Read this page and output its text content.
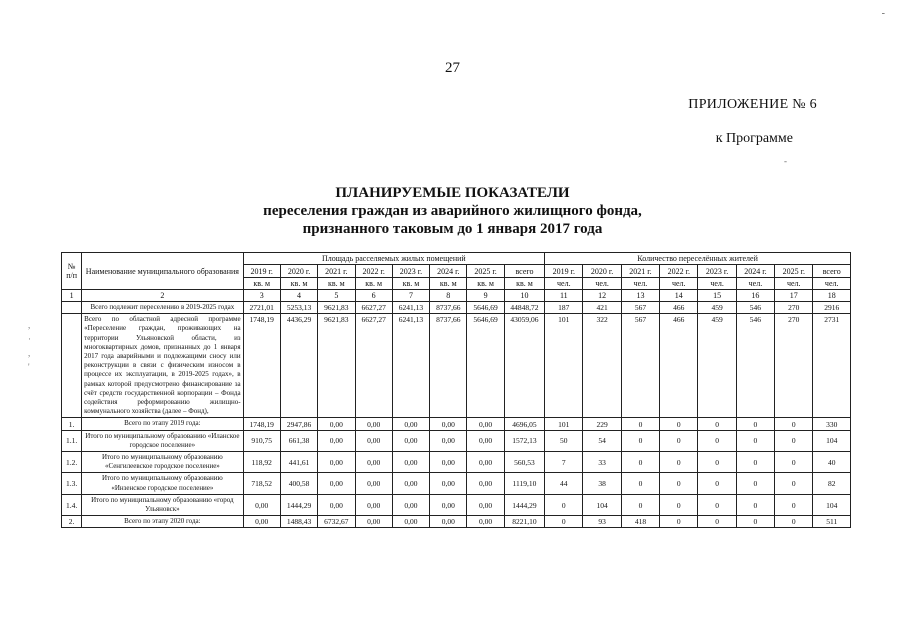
‐
27
ПРИЛОЖЕНИЕ № 6
-
к Программе
ПЛАНИРУЕМЫЕ ПОКАЗАТЕЛИ
переселения граждан из аварийного жилищного фонда,
признанного таковым до 1 января 2017 года
,
·
,
'
№ п/п	Наименование муниципального образования	Площадь расселяемых жилых помещений								Количество переселённых жителей							
		2019 г.	2020 г.	2021 г.	2022 г.	2023 г.	2024 г.	2025 г.	всего	2019 г.	2020 г.	2021 г.	2022 г.	2023 г.	2024 г.	2025 г.	всего
		кв. м	кв. м	кв. м	кв. м	кв. м	кв. м	кв. м	кв. м	чел.	чел.	чел.	чел.	чел.	чел.	чел.	чел.
1	2	3	4	5	6	7	8	9	10	11	12	13	14	15	16	17	18
	Всего подлежит переселению в 2019-2025 годах	2721,01	5253,13	9621,83	6627,27	6241,13	8737,66	5646,69	44848,72	187	421	567	466	459	546	270	2916
	Всего по областной адресной программе «Переселение граждан, проживающих на территории Ульяновской области, из многоквартирных домов, признанных до 1 января 2017 года аварийными и подлежащими сносу или реконструкции в связи с физическим износом в процессе их эксплуатации, в 2019-2025 годах», в рамках которой предусмотрено финансирование за счёт средств государственной корпорации – Фонда содействия реформированию жилищно-коммунального хозяйства (далее – Фонд),	1748,19	4436,29	9621,83	6627,27	6241,13	8737,66	5646,69	43059,06	101	322	567	466	459	546	270	2731
1.	Всего по этапу 2019 года:	1748,19	2947,86	0,00	0,00	0,00	0,00	0,00	4696,05	101	229	0	0	0	0	0	330
1.1.	Итого по муниципальному образованию «Иланское городское поселение»	910,75	661,38	0,00	0,00	0,00	0,00	0,00	1572,13	50	54	0	0	0	0	0	104
1.2.	Итого по муниципальному образованию «Сенгилеевское городское поселение»	118,92	441,61	0,00	0,00	0,00	0,00	0,00	560,53	7	33	0	0	0	0	0	40
1.3.	Итого по муниципальному образованию «Инзенское городское поселение»	718,52	400,58	0,00	0,00	0,00	0,00	0,00	1119,10	44	38	0	0	0	0	0	82
1.4.	Итого по муниципальному образованию «город Ульяновск»	0,00	1444,29	0,00	0,00	0,00	0,00	0,00	1444,29	0	104	0	0	0	0	0	104
2.	Всего по этапу 2020 года:	0,00	1488,43	6732,67	0,00	0,00	0,00	0,00	8221,10	0	93	418	0	0	0	0	511
